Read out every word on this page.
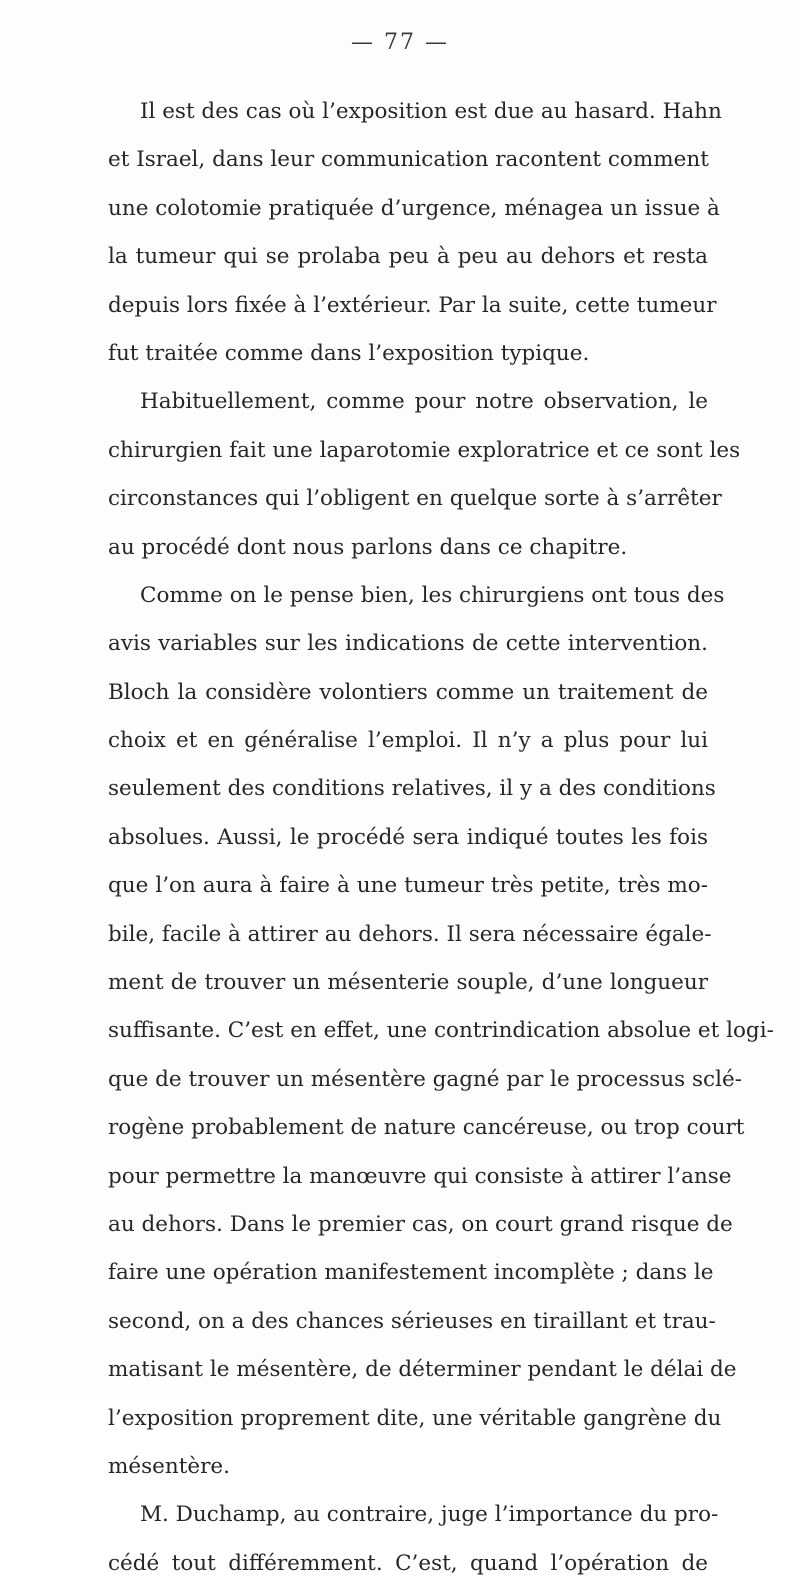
— 77 —
Il est des cas où l’exposition est due au hasard. Hahn
et Israel, dans leur communication racontent comment
une colotomie pratiquée d’urgence, ménagea un issue à
la tumeur qui se prolaba peu à peu au dehors et resta
depuis lors fixée à l’extérieur. Par la suite, cette tumeur
fut traitée comme dans l’exposition typique.
Habituellement, comme pour notre observation, le
chirurgien fait une laparotomie exploratrice et ce sont les
circonstances qui l’obligent en quelque sorte à s’arrêter
au procédé dont nous parlons dans ce chapitre.
Comme on le pense bien, les chirurgiens ont tous des
avis variables sur les indications de cette intervention.
Bloch la considère volontiers comme un traitement de
choix et en généralise l’emploi. Il n’y a plus pour lui
seulement des conditions relatives, il y a des conditions
absolues. Aussi, le procédé sera indiqué toutes les fois
que l’on aura à faire à une tumeur très petite, très mo-
bile, facile à attirer au dehors. Il sera nécessaire égale-
ment de trouver un mésenterie souple, d’une longueur
suffisante. C’est en effet, une contrindication absolue et logi-
que de trouver un mésentère gagné par le processus sclé-
rogène probablement de nature cancéreuse, ou trop court
pour permettre la manœuvre qui consiste à attirer l’anse
au dehors. Dans le premier cas, on court grand risque de
faire une opération manifestement incomplète ; dans le
second, on a des chances sérieuses en tiraillant et trau-
matisant le mésentère, de déterminer pendant le délai de
l’exposition proprement dite, une véritable gangrène du
mésentère.
M. Duchamp, au contraire, juge l’importance du pro-
cédé tout différemment. C’est, quand l’opération de
